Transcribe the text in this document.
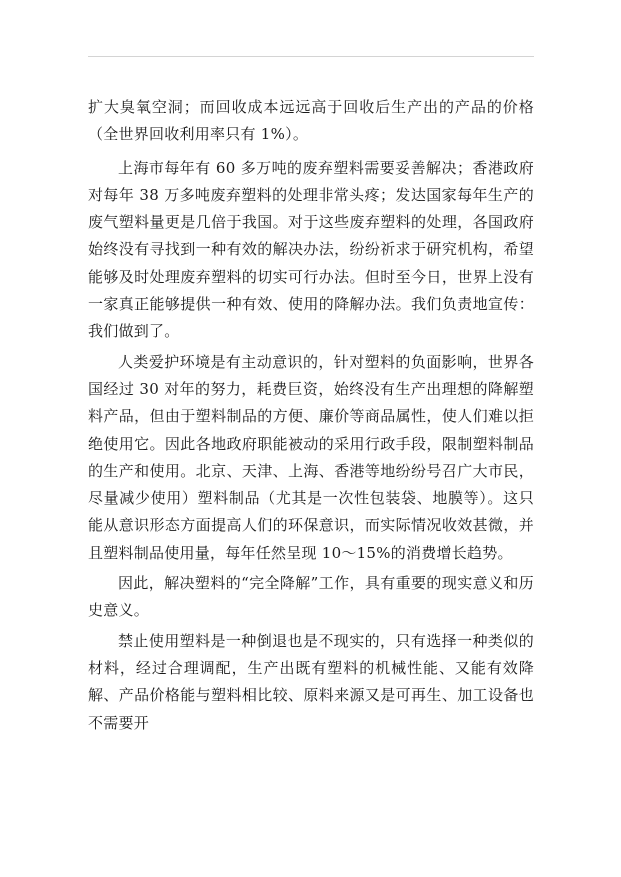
扩大臭氧空洞；而回收成本远远高于回收后生产出的产品的价格（全世界回收利用率只有 1%）。

上海市每年有 60 多万吨的废弃塑料需要妥善解决；香港政府对每年 38 万多吨废弃塑料的处理非常头疼；发达国家每年生产的废气塑料量更是几倍于我国。对于这些废弃塑料的处理，各国政府始终没有寻找到一种有效的解决办法，纷纷祈求于研究机构，希望能够及时处理废弃塑料的切实可行办法。但时至今日，世界上没有一家真正能够提供一种有效、使用的降解办法。我们负责地宣传：我们做到了。

人类爱护环境是有主动意识的，针对塑料的负面影响，世界各国经过 30 对年的努力，耗费巨资，始终没有生产出理想的降解塑料产品，但由于塑料制品的方便、廉价等商品属性，使人们难以拒绝使用它。因此各地政府职能被动的采用行政手段，限制塑料制品的生产和使用。北京、天津、上海、香港等地纷纷号召广大市民，尽量减少使用）塑料制品（尤其是一次性包装袋、地膜等）。这只能从意识形态方面提高人们的环保意识，而实际情况收效甚微，并且塑料制品使用量，每年任然呈现 10～15%的消费增长趋势。

因此，解决塑料的“完全降解”工作，具有重要的现实意义和历史意义。

禁止使用塑料是一种倒退也是不现实的，只有选择一种类似的材料，经过合理调配，生产出既有塑料的机械性能、又能有效降解、产品价格能与塑料相比较、原料来源又是可再生、加工设备也不需要开
